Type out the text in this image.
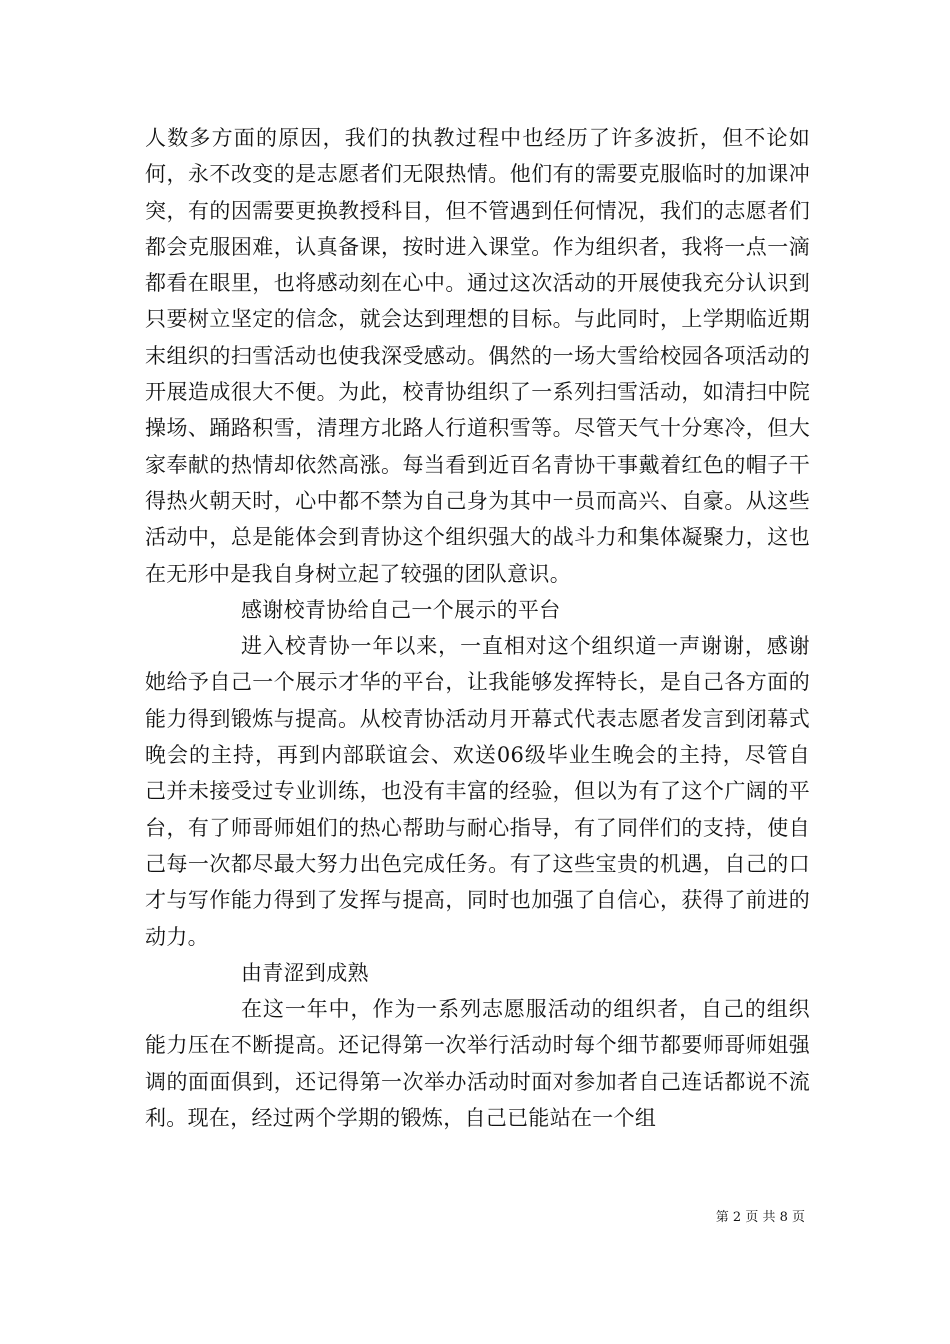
人数多方面的原因，我们的执教过程中也经历了许多波折，但不论如何，永不改变的是志愿者们无限热情。他们有的需要克服临时的加课冲突，有的因需要更换教授科目，但不管遇到任何情况，我们的志愿者们都会克服困难，认真备课，按时进入课堂。作为组织者，我将一点一滴都看在眼里，也将感动刻在心中。通过这次活动的开展使我充分认识到只要树立坚定的信念，就会达到理想的目标。与此同时，上学期临近期末组织的扫雪活动也使我深受感动。偶然的一场大雪给校园各项活动的开展造成很大不便。为此，校青协组织了一系列扫雪活动，如清扫中院操场、踊路积雪，清理方北路人行道积雪等。尽管天气十分寒冷，但大家奉献的热情却依然高涨。每当看到近百名青协干事戴着红色的帽子干得热火朝天时，心中都不禁为自己身为其中一员而高兴、自豪。从这些活动中，总是能体会到青协这个组织强大的战斗力和集体凝聚力，这也在无形中是我自身树立起了较强的团队意识。

感谢校青协给自己一个展示的平台

进入校青协一年以来，一直相对这个组织道一声谢谢，感谢她给予自己一个展示才华的平台，让我能够发挥特长，是自己各方面的能力得到锻炼与提高。从校青协活动月开幕式代表志愿者发言到闭幕式晚会的主持，再到内部联谊会、欢送06级毕业生晚会的主持，尽管自己并未接受过专业训练，也没有丰富的经验，但以为有了这个广阔的平台，有了师哥师姐们的热心帮助与耐心指导，有了同伴们的支持，使自己每一次都尽最大努力出色完成任务。有了这些宝贵的机遇，自己的口才与写作能力得到了发挥与提高，同时也加强了自信心，获得了前进的动力。

由青涩到成熟

在这一年中，作为一系列志愿服活动的组织者，自己的组织能力压在不断提高。还记得第一次举行活动时每个细节都要师哥师姐强调的面面俱到，还记得第一次举办活动时面对参加者自己连话都说不流利。现在，经过两个学期的锻炼，自己已能站在一个组

第 2 页 共 8 页
